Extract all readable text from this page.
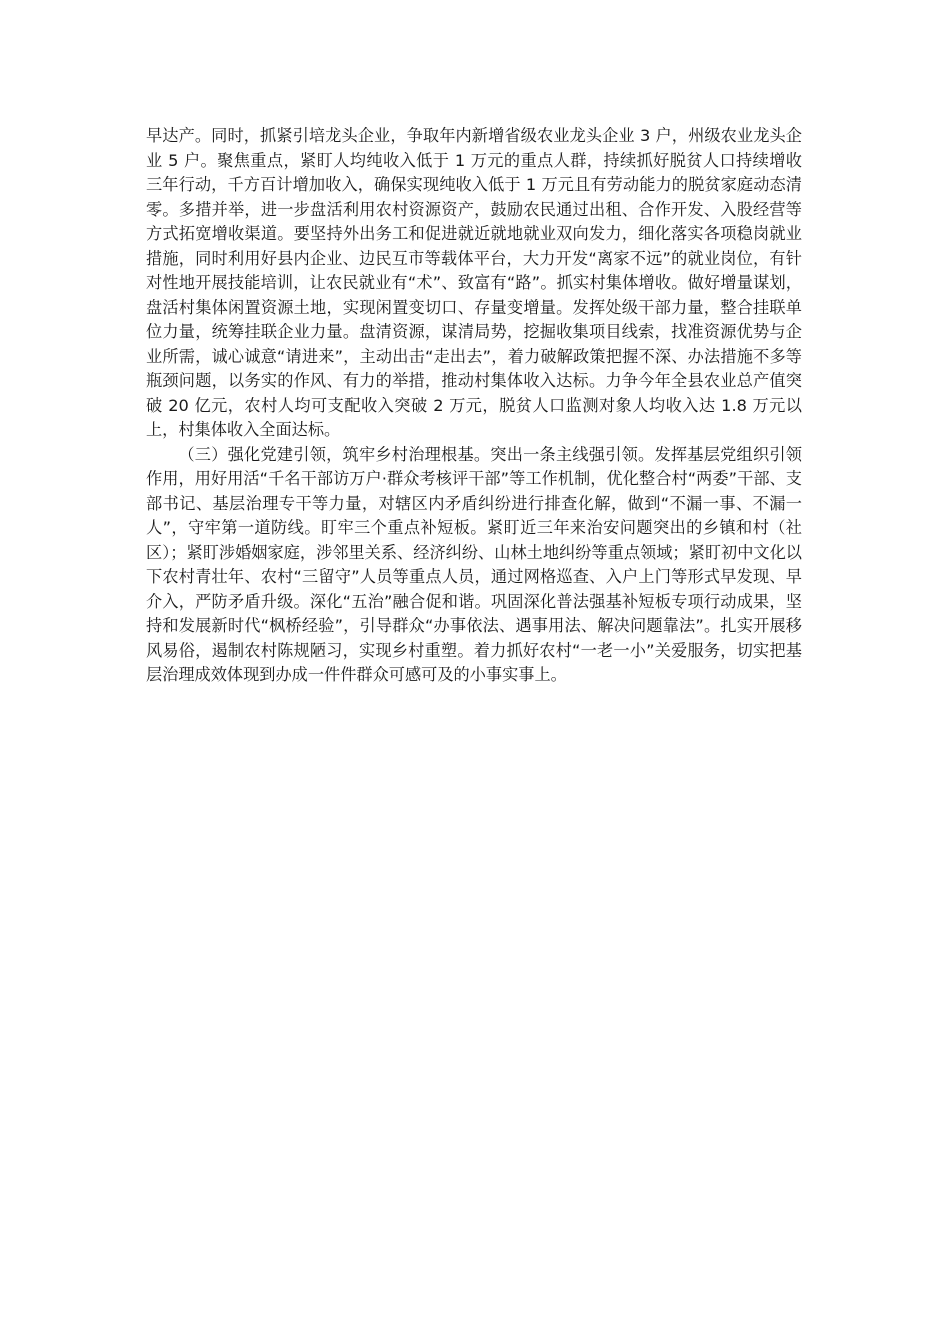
早达产。同时，抓紧引培龙头企业，争取年内新增省级农业龙头企业 3 户，州级农业龙头企业 5 户。聚焦重点，紧盯人均纯收入低于 1 万元的重点人群，持续抓好脱贫人口持续增收三年行动，千方百计增加收入，确保实现纯收入低于 1 万元且有劳动能力的脱贫家庭动态清零。多措并举，进一步盘活利用农村资源资产，鼓励农民通过出租、合作开发、入股经营等方式拓宽增收渠道。要坚持外出务工和促进就近就地就业双向发力，细化落实各项稳岗就业措施，同时利用好县内企业、边民互市等载体平台，大力开发“离家不远”的就业岗位，有针对性地开展技能培训，让农民就业有“术”、致富有“路”。抓实村集体增收。做好增量谋划，盘活村集体闲置资源土地，实现闲置变切口、存量变增量。发挥处级干部力量，整合挂联单位力量，统筹挂联企业力量。盘清资源，谋清局势，挖掘收集项目线索，找准资源优势与企业所需，诚心诚意“请进来”，主动出击“走出去”，着力破解政策把握不深、办法措施不多等瓶颈问题，以务实的作风、有力的举措，推动村集体收入达标。力争今年全县农业总产值突破 20 亿元，农村人均可支配收入突破 2 万元，脱贫人口监测对象人均收入达 1.8 万元以上，村集体收入全面达标。

（三）强化党建引领，筑牢乡村治理根基。突出一条主线强引领。发挥基层党组织引领作用，用好用活“千名干部访万户·群众考核评干部”等工作机制，优化整合村“两委”干部、支部书记、基层治理专干等力量，对辖区内矛盾纠纷进行排查化解，做到“不漏一事、不漏一人”，守牢第一道防线。盯牢三个重点补短板。紧盯近三年来治安问题突出的乡镇和村（社区）；紧盯涉婚姻家庭，涉邻里关系、经济纠纷、山林土地纠纷等重点领域；紧盯初中文化以下农村青壮年、农村“三留守”人员等重点人员，通过网格巡查、入户上门等形式早发现、早介入，严防矛盾升级。深化“五治”融合促和谐。巩固深化普法强基补短板专项行动成果，坚持和发展新时代“枫桥经验”，引导群众“办事依法、遇事用法、解决问题靠法”。扎实开展移风易俗，遏制农村陈规陋习，实现乡村重塑。着力抓好农村“一老一小”关爱服务，切实把基层治理成效体现到办成一件件群众可感可及的小事实事上。
